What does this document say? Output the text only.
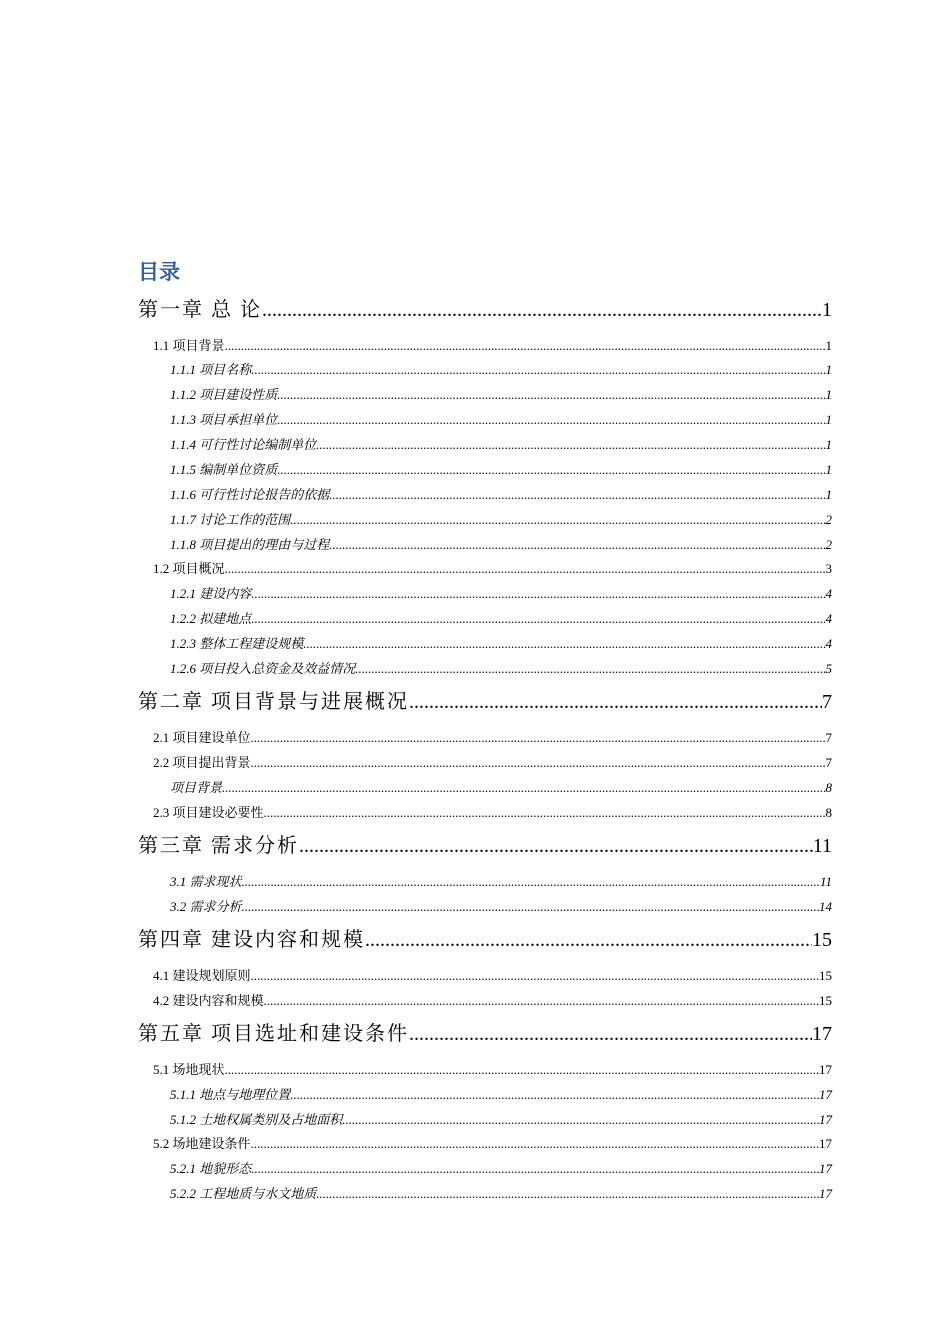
目录
第一章 总 论 .....	1
1.1 项目背景 .....	1
1.1.1 项目名称 .....	1
1.1.2 项目建设性质 .....	1
1.1.3 项目承担单位 .....	1
1.1.4 可行性讨论编制单位 .....	1
1.1.5 编制单位资质 .....	1
1.1.6 可行性讨论报告的依据 .....	1
1.1.7 讨论工作的范围 .....	2
1.1.8 项目提出的理由与过程 .....	2
1.2 项目概况 .....	3
1.2.1 建设内容 .....	4
1.2.2 拟建地点 .....	4
1.2.3 整体工程建设规模 .....	4
1.2.6 项目投入总资金及效益情况 .....	5
第二章 项目背景与进展概况 .....	7
2.1 项目建设单位 .....	7
2.2 项目提出背景 .....	7
项目背景 .....	8
2.3 项目建设必要性 .....	8
第三章 需求分析 .....	11
3.1 需求现状 .....	11
3.2 需求分析 .....	14
第四章 建设内容和规模 .....	15
4.1 建设规划原则 .....	15
4.2 建设内容和规模 .....	15
第五章 项目选址和建设条件 .....	17
5.1 场地现状 .....	17
5.1.1 地点与地理位置 .....	17
5.1.2 土地权属类别及占地面积 .....	17
5.2 场地建设条件 .....	17
5.2.1 地貌形态 .....	17
5.2.2 工程地质与水文地质 .....	17
